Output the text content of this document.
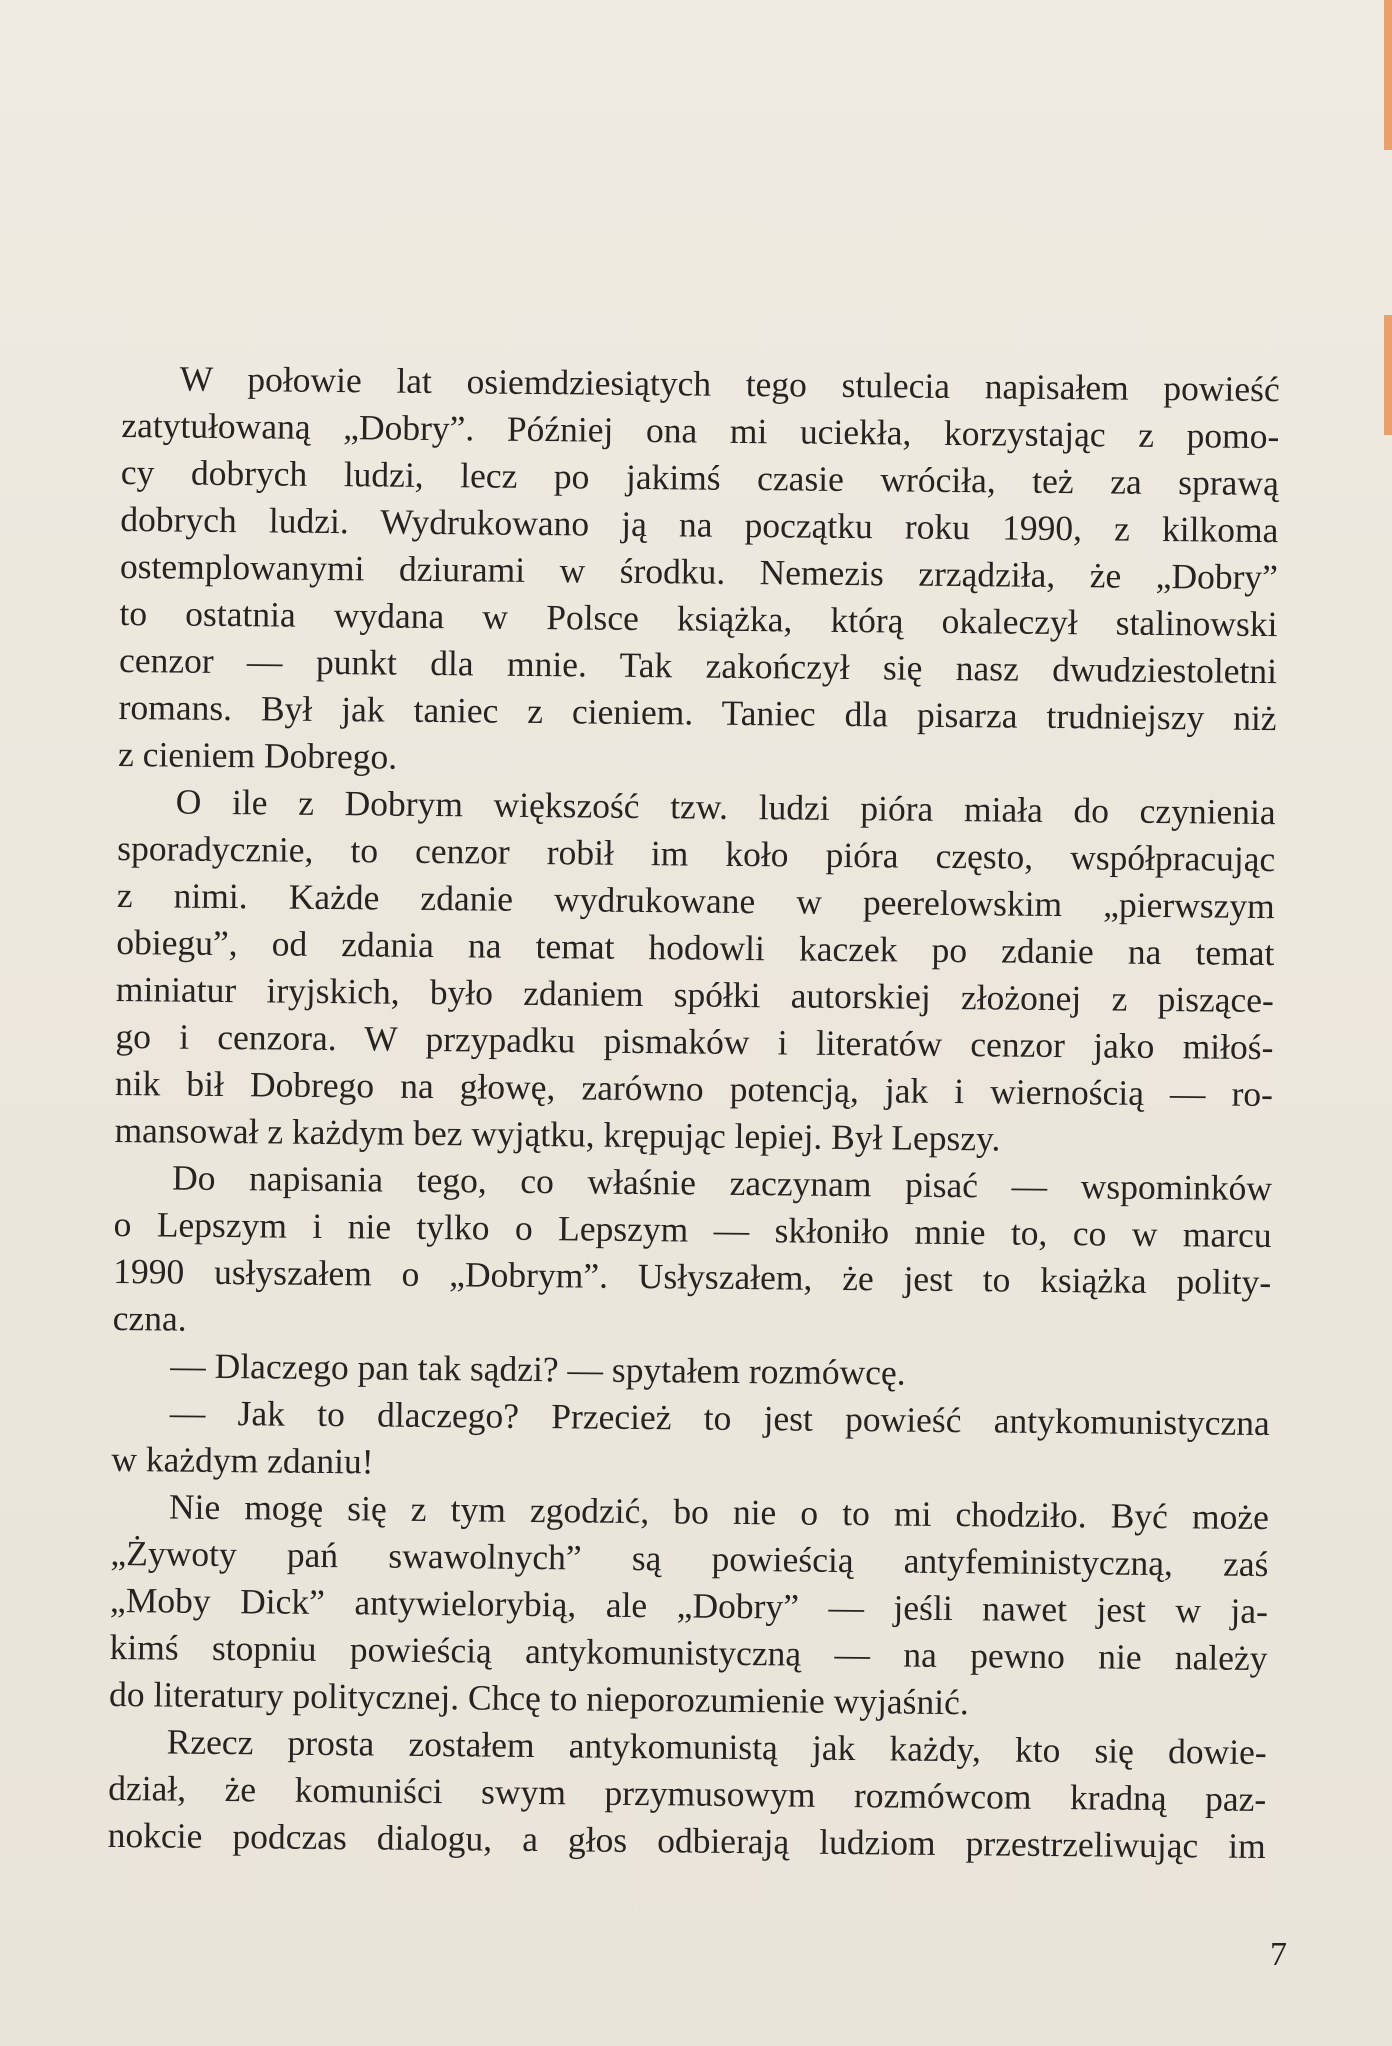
W połowie lat osiemdziesiątych tego stulecia napisałem powieść
zatytułowaną „Dobry”. Później ona mi uciekła, korzystając z pomo-
cy dobrych ludzi, lecz po jakimś czasie wróciła, też za sprawą
dobrych ludzi. Wydrukowano ją na początku roku 1990, z kilkoma
ostemplowanymi dziurami w środku. Nemezis zrządziła, że „Dobry”
to ostatnia wydana w Polsce książka, którą okaleczył stalinowski
cenzor — punkt dla mnie. Tak zakończył się nasz dwudziestoletni
romans. Był jak taniec z cieniem. Taniec dla pisarza trudniejszy niż
z cieniem Dobrego.
O ile z Dobrym większość tzw. ludzi pióra miała do czynienia
sporadycznie, to cenzor robił im koło pióra często, współpracując
z nimi. Każde zdanie wydrukowane w peerelowskim „pierwszym
obiegu”, od zdania na temat hodowli kaczek po zdanie na temat
miniatur iryjskich, było zdaniem spółki autorskiej złożonej z piszące-
go i cenzora. W przypadku pismaków i literatów cenzor jako miłoś-
nik bił Dobrego na głowę, zarówno potencją, jak i wiernością — ro-
mansował z każdym bez wyjątku, krępując lepiej. Był Lepszy.
Do napisania tego, co właśnie zaczynam pisać — wspominków
o Lepszym i nie tylko o Lepszym — skłoniło mnie to, co w marcu
1990 usłyszałem o „Dobrym”. Usłyszałem, że jest to książka polity-
czna.
— Dlaczego pan tak sądzi? — spytałem rozmówcę.
— Jak to dlaczego? Przecież to jest powieść antykomunistyczna
w każdym zdaniu!
Nie mogę się z tym zgodzić, bo nie o to mi chodziło. Być może
„Żywoty pań swawolnych” są powieścią antyfeministyczną, zaś
„Moby Dick” antywielorybią, ale „Dobry” — jeśli nawet jest w ja-
kimś stopniu powieścią antykomunistyczną — na pewno nie należy
do literatury politycznej. Chcę to nieporozumienie wyjaśnić.
Rzecz prosta zostałem antykomunistą jak każdy, kto się dowie-
dział, że komuniści swym przymusowym rozmówcom kradną paz-
nokcie podczas dialogu, a głos odbierają ludziom przestrzeliwując im
7
